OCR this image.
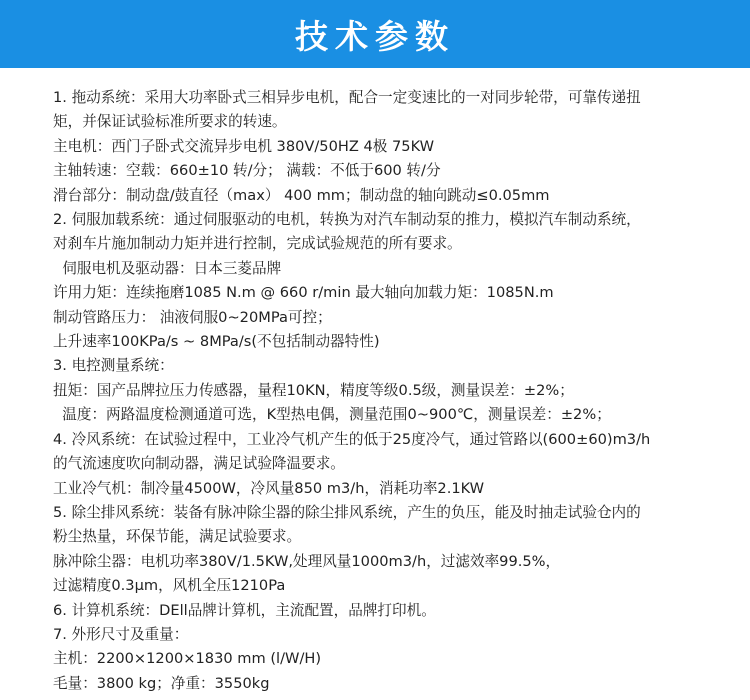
技术参数
1. 拖动系统：采用大功率卧式三相异步电机，配合一定变速比的一对同步轮带，可靠传递扭
矩，并保证试验标准所要求的转速。
主电机：西门子卧式交流异步电机 380V/50HZ 4极 75KW
主轴转速：空载：660±10 转/分； 满载：不低于600 转/分
滑台部分：制动盘/鼓直径（max） 400 mm；制动盘的轴向跳动≤0.05mm
2. 伺服加载系统：通过伺服驱动的电机，转换为对汽车制动泵的推力，模拟汽车制动系统，
对刹车片施加制动力矩并进行控制，完成试验规范的所有要求。
伺服电机及驱动器：日本三菱品牌
许用力矩：连续拖磨1085 N.m @ 660 r/min 最大轴向加载力矩：1085N.m
制动管路压力： 油液伺服0~20MPa可控；
上升速率100KPa/s ~ 8MPa/s(不包括制动器特性)
3. 电控测量系统：
扭矩：国产品牌拉压力传感器，量程10KN，精度等级0.5级，测量误差：±2%；
温度：两路温度检测通道可选，K型热电偶，测量范围0~900℃，测量误差：±2%；
4. 冷风系统：在试验过程中，工业冷气机产生的低于25度冷气，通过管路以(600±60)m3/h
的气流速度吹向制动器，满足试验降温要求。
工业冷气机：制冷量4500W，冷风量850 m3/h，消耗功率2.1KW
5. 除尘排风系统：装备有脉冲除尘器的除尘排风系统，产生的负压，能及时抽走试验仓内的
粉尘热量，环保节能，满足试验要求。
脉冲除尘器：电机功率380V/1.5KW,处理风量1000m3/h，过滤效率99.5%，
过滤精度0.3μm，风机全压1210Pa
6. 计算机系统：DEll品牌计算机，主流配置，品牌打印机。
7. 外形尺寸及重量：
主机：2200×1200×1830 mm (l/W/H)
毛量：3800 kg；净重：3550kg
